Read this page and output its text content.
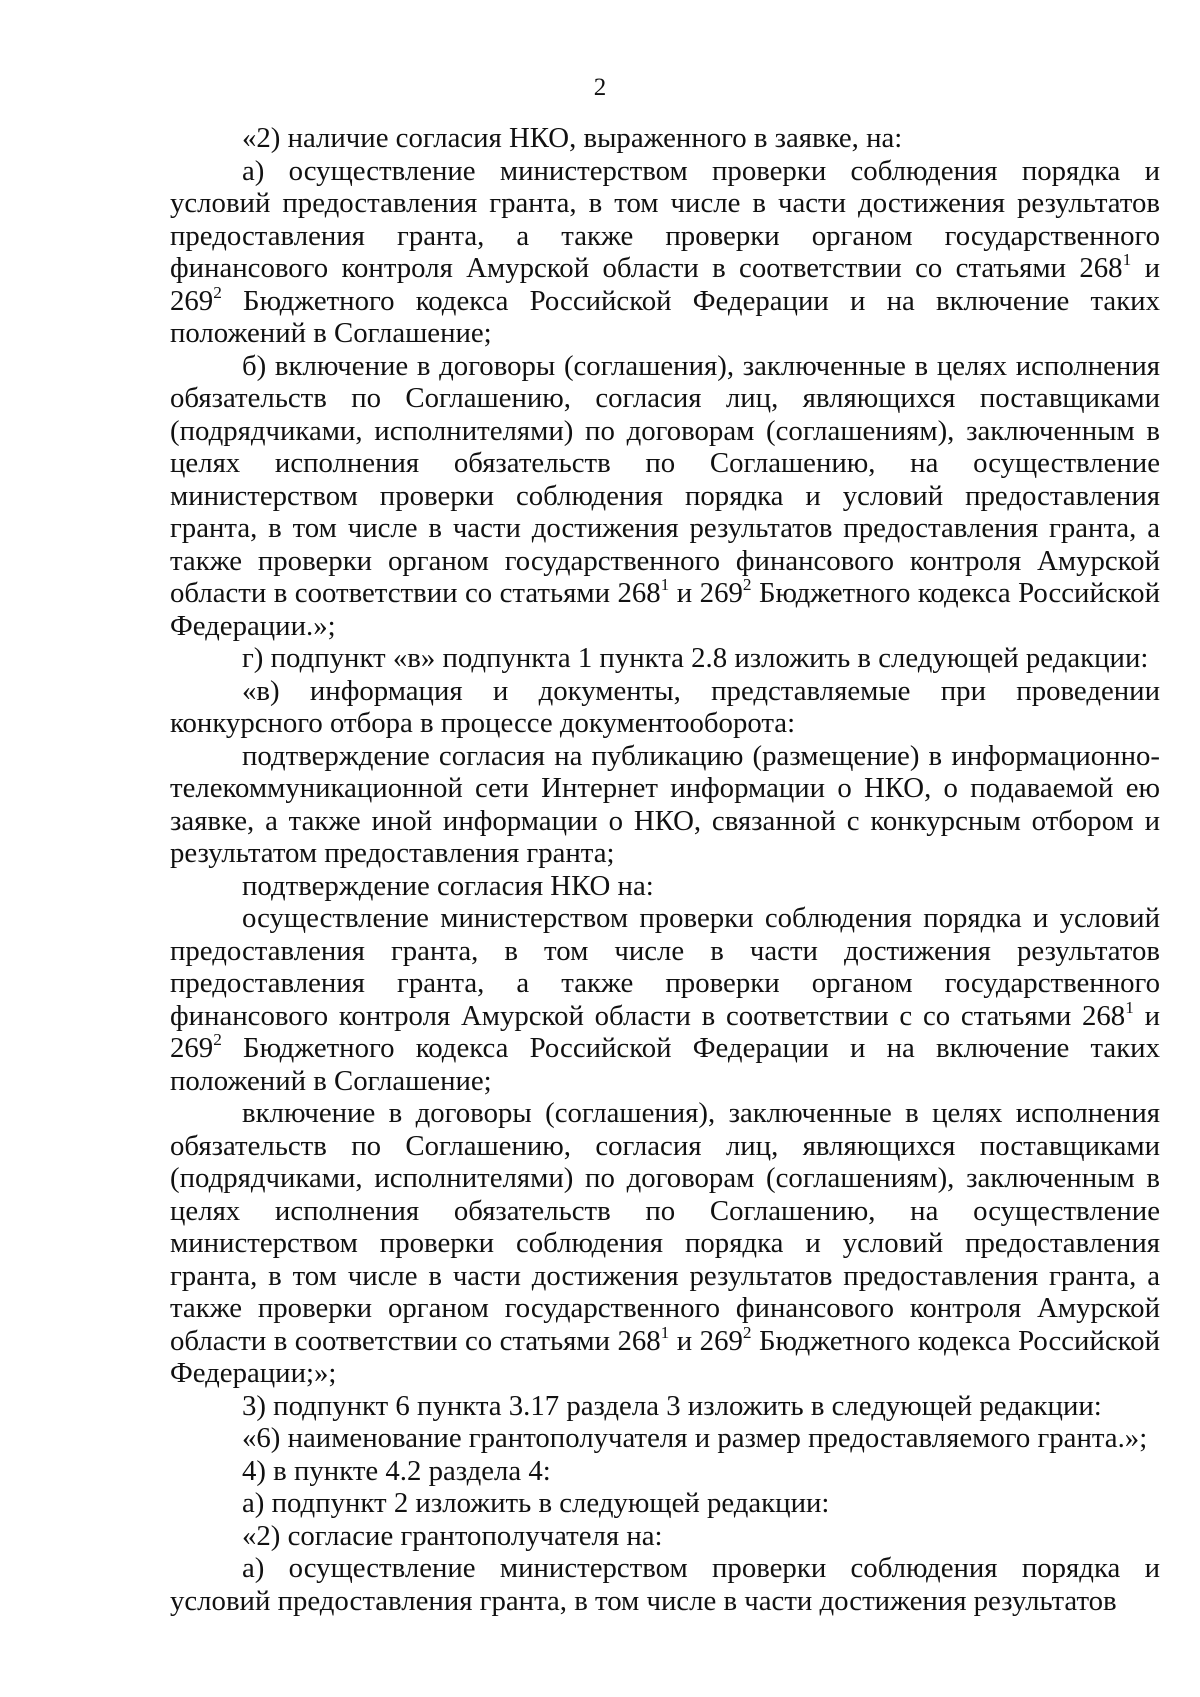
2

«2) наличие согласия НКО, выраженного в заявке, на:

а) осуществление министерством проверки соблюдения порядка и условий предоставления гранта, в том числе в части достижения результатов предоставления гранта, а также проверки органом государственного финансового контроля Амурской области в соответствии со статьями $268^1$ и $269^2$ Бюджетного кодекса Российской Федерации и на включение таких положений в Соглашение;

б) включение в договоры (соглашения), заключенные в целях исполнения обязательств по Соглашению, согласия лиц, являющихся поставщиками (подрядчиками, исполнителями) по договорам (соглашениям), заключенным в целях исполнения обязательств по Соглашению, на осуществление министерством проверки соблюдения порядка и условий предоставления гранта, в том числе в части достижения результатов предоставления гранта, а также проверки органом государственного финансового контроля Амурской области в соответствии со статьями $268^1$ и $269^2$ Бюджетного кодекса Российской Федерации.»;

г) подпункт «в» подпункта 1 пункта 2.8 изложить в следующей редакции:

«в) информация и документы, представляемые при проведении конкурсного отбора в процессе документооборота:

подтверждение согласия на публикацию (размещение) в информационно-телекоммуникационной сети Интернет информации о НКО, о подаваемой ею заявке, а также иной информации о НКО, связанной с конкурсным отбором и результатом предоставления гранта;

подтверждение согласия НКО на:

осуществление министерством проверки соблюдения порядка и условий предоставления гранта, в том числе в части достижения результатов предоставления гранта, а также проверки органом государственного финансового контроля Амурской области в соответствии с со статьями $268^1$ и $269^2$ Бюджетного кодекса Российской Федерации и на включение таких положений в Соглашение;

включение в договоры (соглашения), заключенные в целях исполнения обязательств по Соглашению, согласия лиц, являющихся поставщиками (подрядчиками, исполнителями) по договорам (соглашениям), заключенным в целях исполнения обязательств по Соглашению, на осуществление министерством проверки соблюдения порядка и условий предоставления гранта, в том числе в части достижения результатов предоставления гранта, а также проверки органом государственного финансового контроля Амурской области в соответствии со статьями $268^1$ и $269^2$ Бюджетного кодекса Российской Федерации;»;

3) подпункт 6 пункта 3.17 раздела 3 изложить в следующей редакции:

«6) наименование грантополучателя и размер предоставляемого гранта.»;

4) в пункте 4.2 раздела 4:

а) подпункт 2 изложить в следующей редакции:

«2) согласие грантополучателя на:

а) осуществление министерством проверки соблюдения порядка и условий предоставления гранта, в том числе в части достижения результатов
